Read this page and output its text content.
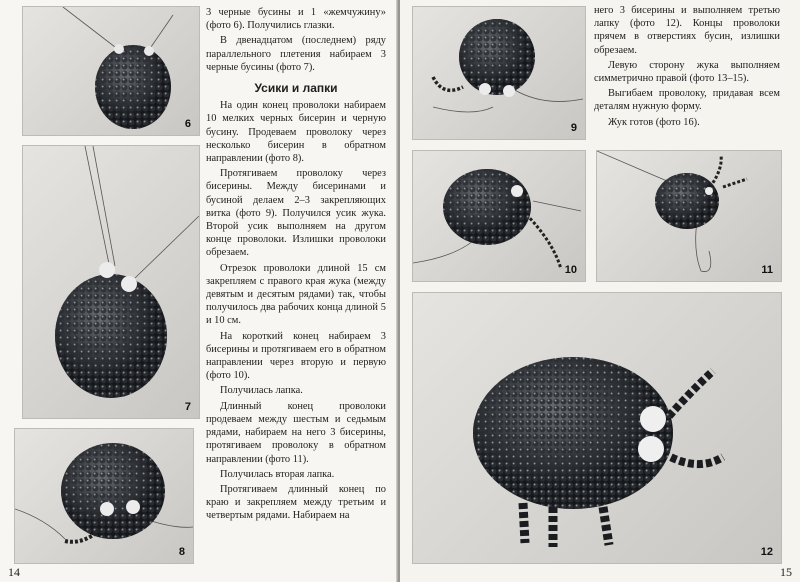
6
7
8

3 черные бусины и 1 «жемчужину» (фото 6). Получились глазки.

В двенадцатом (последнем) ряду параллельного плетения набираем 3 черные бусины (фото 7).

Усики и лапки

На один конец проволоки набираем 10 мелких черных бисерин и черную бусину. Продеваем проволоку через несколько бисерин в обратном направлении (фото 8).

Протягиваем проволоку через бисерины. Между бисеринами и бусиной делаем 2–3 закрепляющих витка (фото 9). Получился усик жука. Второй усик выполняем на другом конце проволоки. Излишки проволоки обрезаем.

Отрезок проволоки длиной 15 см закрепляем с правого края жука (между девятым и десятым рядами) так, чтобы получилось два рабочих конца длиной 5 и 10 см.

На короткий конец набираем 3 бисерины и протягиваем его в обратном направлении через вторую и первую (фото 10).

Получилась лапка.

Длинный конец проволоки продеваем между шестым и седьмым рядами, набираем на него 3 бисерины, протягиваем проволоку в обратном направлении (фото 11).

Получилась вторая лапка.

Протягиваем длинный конец по краю и закрепляем между третьим и четвертым рядами. Набираем на

14
9
10	11
12

него 3 бисерины и выполняем третью лапку (фото 12). Концы проволоки прячем в отверстиях бусин, излишки обрезаем.

Левую сторону жука выполняем симметрично правой (фото 13–15).

Выгибаем проволоку, придавая всем деталям нужную форму.

Жук готов (фото 16).

15
